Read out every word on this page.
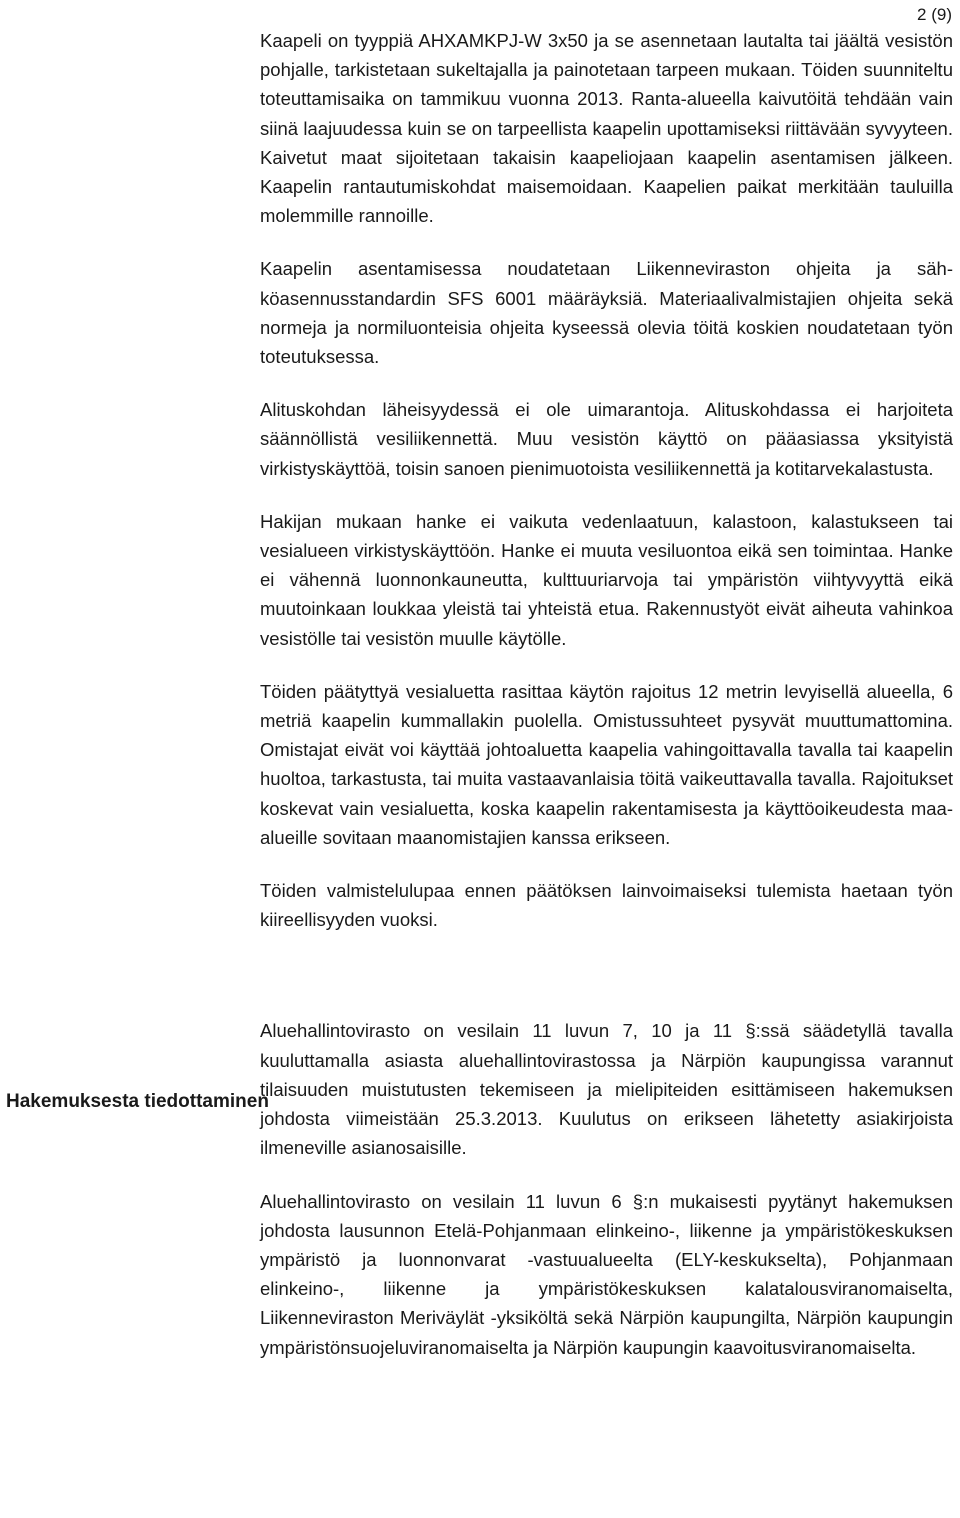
2 (9)
Hakemuksesta tiedottaminen

Kaapeli on tyyppiä AHXAMKPJ-W 3x50 ja se asennetaan lautalta tai jäältä vesistön pohjalle, tarkistetaan sukeltajalla ja painotetaan tarpeen mukaan. Töiden suunniteltu toteuttamisaika on tammikuu vuonna 2013. Ranta-alueella kaivutöitä tehdään vain siinä laajuudessa kuin se on tarpeellista kaapelin upottamiseksi riittävään syvyyteen. Kaivetut maat sijoitetaan takaisin kaapeliojaan kaapelin asentamisen jälkeen. Kaapelin rantautumiskohdat maisemoidaan. Kaapelien paikat merkitään tauluilla molemmille rannoille.

Kaapelin asentamisessa noudatetaan Liikenneviraston ohjeita ja sähköasennusstandardin SFS 6001 määräyksiä. Materiaalivalmistajien ohjeita sekä normeja ja normiluonteisia ohjeita kyseessä olevia töitä koskien noudatetaan työn toteutuksessa.

Alituskohdan läheisyydessä ei ole uimarantoja. Alituskohdassa ei harjoiteta säännöllistä vesiliikennettä. Muu vesistön käyttö on pääasiassa yksityistä virkistyskäyttöä, toisin sanoen pienimuotoista vesiliikennettä ja kotitarvekalastusta.

Hakijan mukaan hanke ei vaikuta vedenlaatuun, kalastoon, kalastukseen tai vesialueen virkistyskäyttöön. Hanke ei muuta vesiluontoa eikä sen toimintaa. Hanke ei vähennä luonnonkauneutta, kulttuuriarvoja tai ympäristön viihtyvyyttä eikä muutoinkaan loukkaa yleistä tai yhteistä etua. Rakennustyöt eivät aiheuta vahinkoa vesistölle tai vesistön muulle käytölle.

Töiden päätyttyä vesialuetta rasittaa käytön rajoitus 12 metrin levyisellä alueella, 6 metriä kaapelin kummallakin puolella. Omistussuhteet pysyvät muuttumattomina. Omistajat eivät voi käyttää johtoaluetta kaapelia vahingoittavalla tavalla tai kaapelin huoltoa, tarkastusta, tai muita vastaavanlaisia töitä vaikeuttavalla tavalla. Rajoitukset koskevat vain vesialuetta, koska kaapelin rakentamisesta ja käyttöoikeudesta maa-alueille sovitaan maanomistajien kanssa erikseen.

Töiden valmistelulupaa ennen päätöksen lainvoimaiseksi tulemista haetaan työn kiireellisyyden vuoksi.

Aluehallintovirasto on vesilain 11 luvun 7, 10 ja 11 §:ssä säädetyllä tavalla kuuluttamalla asiasta aluehallintovirastossa ja Närpiön kaupungissa varannut tilaisuuden muistutusten tekemiseen ja mielipiteiden esittämiseen hakemuksen johdosta viimeistään 25.3.2013. Kuulutus on erikseen lähetetty asiakirjoista ilmeneville asianosaisille.

Aluehallintovirasto on vesilain 11 luvun 6 §:n mukaisesti pyytänyt hakemuksen johdosta lausunnon Etelä-Pohjanmaan elinkeino-, liikenne ja ympäristökeskuksen ympäristö ja luonnonvarat -vastuualueelta (ELY-keskukselta), Pohjanmaan elinkeino-, liikenne ja ympäristökeskuksen kalatalousviranomaiselta, Liikenneviraston Meriväylät -yksiköltä sekä Närpiön kaupungilta, Närpiön kaupungin ympäristönsuojeluviranomaiselta ja Närpiön kaupungin kaavoitusviranomaiselta.
